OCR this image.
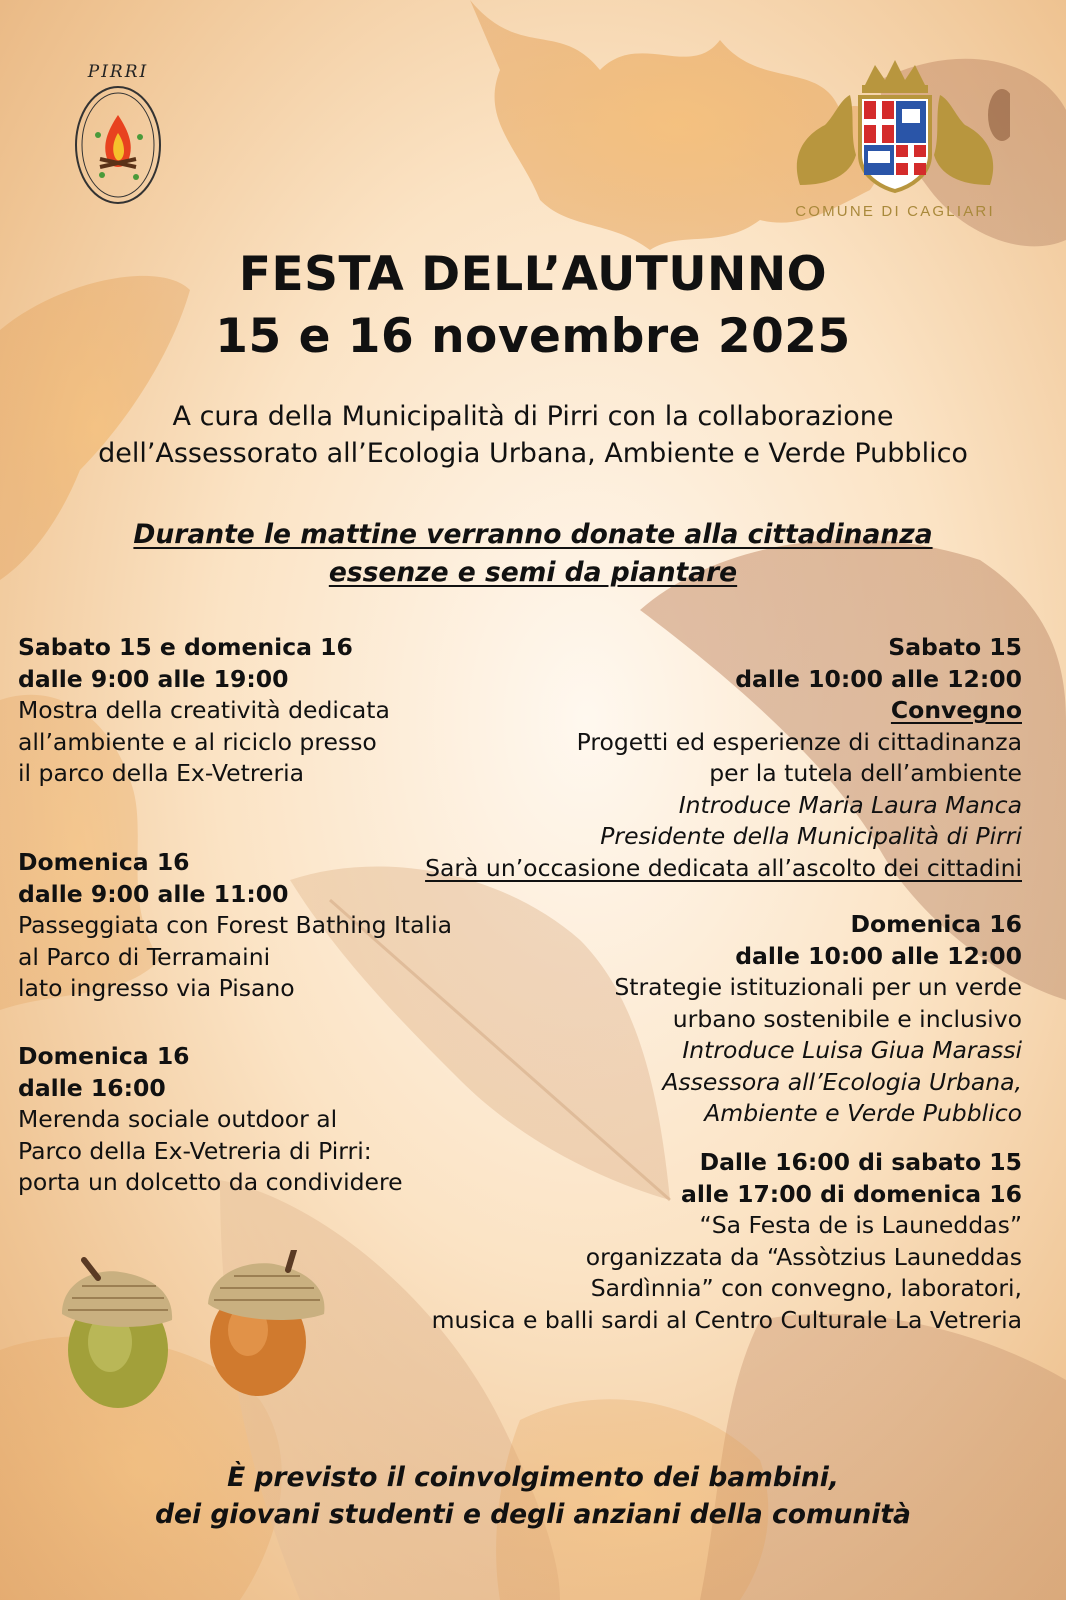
PIRRI
COMUNE DI CAGLIARI
FESTA DELL’AUTUNNO
15 e 16 novembre 2025
A cura della Municipalità di Pirri con la collaborazione
dell’Assessorato all’Ecologia Urbana, Ambiente e Verde Pubblico
Durante le mattine verranno donate alla cittadinanza
essenze e semi da piantare
Sabato 15 e domenica 16
dalle 9:00 alle 19:00
Mostra della creatività dedicata
all’ambiente e al riciclo presso
il parco della Ex-Vetreria
Domenica 16
dalle 9:00 alle 11:00
Passeggiata con Forest Bathing Italia
al Parco di Terramaini
lato ingresso via Pisano
Domenica 16
dalle 16:00
Merenda sociale outdoor al
Parco della Ex-Vetreria di Pirri:
porta un dolcetto da condividere
Sabato 15
dalle 10:00 alle 12:00
Convegno
Progetti ed esperienze di cittadinanza
per la tutela dell’ambiente
Introduce Maria Laura Manca
Presidente della Municipalità di Pirri
Sarà un’occasione dedicata all’ascolto dei cittadini
Domenica 16
dalle 10:00 alle 12:00
Strategie istituzionali per un verde
urbano sostenibile e inclusivo
Introduce Luisa Giua Marassi
Assessora all’Ecologia Urbana,
Ambiente e Verde Pubblico
Dalle 16:00 di sabato 15
alle 17:00 di domenica 16
“Sa Festa de is Launeddas”
organizzata da “Assòtzius Launeddas
Sardìnnia” con convegno, laboratori,
musica e balli sardi al Centro Culturale La Vetreria
È previsto il coinvolgimento dei bambini,
dei giovani studenti e degli anziani della comunità
